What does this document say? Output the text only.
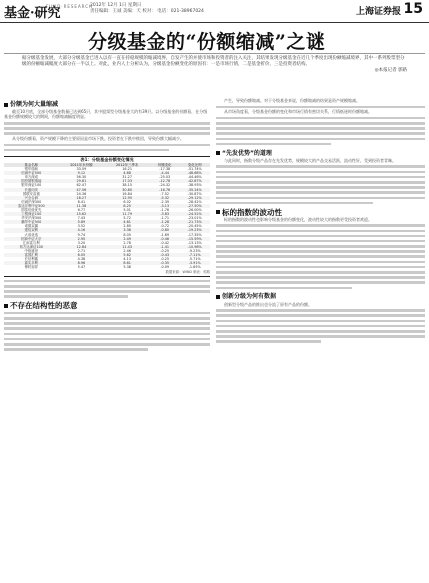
基金·研究
FUND·RESEARCH
2012年 12月 1日 星期日
责任编辑：王诚 美编：天 校对： 电话：021-38967024	上海证券报 15
分级基金的“份额缩减”之谜

据分级基金发展，大部分分级基金已进入以有一直在持稳规模的缩减境界，自发产生的并使市场和投资者的注入关注，其结果发现分级基金在近几个季度出现份额缩减境界，其中一系列股票型分级的份额缩减幅度大部分在一半以上。对此，业内人士分析认为，分级基金份额变化的原因有：一是市场行情，二是基金折价，三是投资者结构。

◎本报记者 郭路

份额为何大量缩减

截至10月底，全部分级基金数量已达到65只，其中股票型分级基金大约有39只。以分级基金的份额看，在分级基金份额规模较大的期间，份额缩减幅度明显。

从分级份额看，资产规模下降的主要原因是市场下跌。投资者在下跌中赎回，导致份额大幅减少。

表1：分级基金份额变化情况
基金名称	2011年末份额	2012年三季末	份额变化	变化比例
银华瑞和	33.59	16.21	-17.38	-51.74%
信诚中证500	9.12	4.68	-4.44	-48.68%
申万深成	56.30	31.27	-25.03	-44.46%
国投瑞银瑞福	29.81	17.03	-12.78	-42.87%
银华深证100	62.47	38.15	-24.32	-38.93%
长盛同庆	47.56	30.80	-16.76	-35.24%
国联安双禧	24.36	16.84	-7.52	-30.87%
兴全合润	18.27	12.95	-5.32	-29.12%
信诚沪深300	8.41	6.02	-2.39	-28.42%
泰达宏利中证500	11.38	8.25	-3.13	-27.50%
国泰估值优先	6.77	5.01	-1.76	-26.00%
工银深证100	15.62	11.79	-3.83	-24.52%
华安沪深300	7.43	5.72	-1.71	-23.01%
鹏华中证500	5.89	4.61	-1.28	-21.73%
诺德双翼	3.52	2.80	-0.72	-20.45%
建信双利	4.16	3.36	-0.80	-19.23%
大成优选	9.74	8.05	-1.69	-17.35%
招商中证大宗	2.95	2.49	-0.46	-15.59%
汇添富互利	3.20	2.78	-0.42	-13.13%
易方达深证100	12.84	11.43	-1.41	-10.98%
中欧盛世	2.71	2.46	-0.25	-9.23%
富国汇利	6.05	5.62	-0.43	-7.11%
长信利鑫	4.38	4.13	-0.25	-5.71%
嘉实多利	8.96	8.61	-0.35	-3.91%
博时裕祥	5.47	5.38	-0.09	-1.65%
数据来源：WIND 制表：郭路
不存在结构性的恶意

产生，导致份额缩减。对于分级基金来说，份额缩减的结果是资产规模缩减。

从市场角度看，分级基金份额的变化和市场行情有密切关系，行情低迷时份额缩减。

“先发优势”的道理

与此同时，指数分级产品存在先发优势，规模较大的产品交易活跃，流动性好，受到投资者青睐。

标的指数的波动性

标的指数的波动性也影响分级基金的份额变化，波动性较大的指数更受投资者欢迎。

创新分级为何有数据

创新型分级产品的推出也分流了原有产品的份额。
